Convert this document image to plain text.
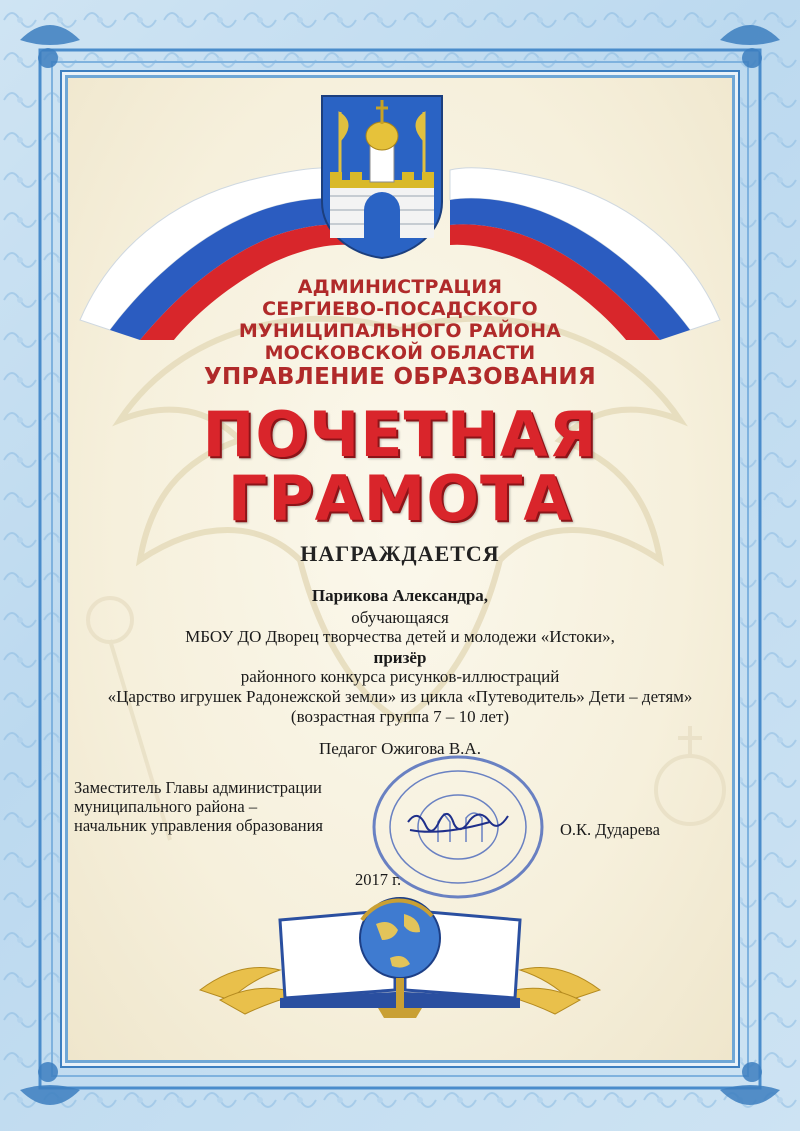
АДМИНИСТРАЦИЯ
СЕРГИЕВО-ПОСАДСКОГО
МУНИЦИПАЛЬНОГО РАЙОНА
МОСКОВСКОЙ ОБЛАСТИ
УПРАВЛЕНИЕ ОБРАЗОВАНИЯ
ПОЧЕТНАЯ
ГРАМОТА
НАГРАЖДАЕТСЯ
Парикова Александра,
обучающаяся
МБОУ ДО Дворец творчества детей и молодежи «Истоки»,
призёр
районного конкурса рисунков-иллюстраций
«Царство игрушек Радонежской земли» из цикла «Путеводитель» Дети – детям»
(возрастная группа 7 – 10 лет)
Педагог Ожигова В.А.
Заместитель Главы администрации
муниципального района –
начальник управления образования	О.К. Дударева
2017 г.
